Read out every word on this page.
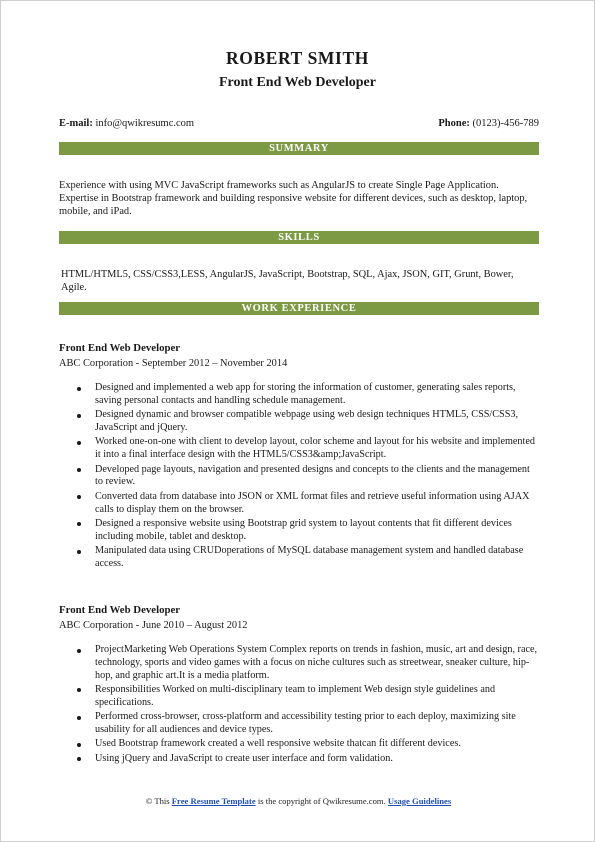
ROBERT SMITH
Front End Web Developer
E-mail: info@qwikresumc.com	Phone: (0123)-456-789
SUMMARY
Experience with using MVC JavaScript frameworks such as AngularJS to create Single Page Application. Expertise in Bootstrap framework and building responsive website for different devices, such as desktop, laptop, mobile, and iPad.
SKILLS
HTML/HTML5, CSS/CSS3,LESS, AngularJS, JavaScript, Bootstrap, SQL, Ajax, JSON, GIT, Grunt, Bower, Agile.
WORK EXPERIENCE
Front End Web Developer
ABC Corporation - September 2012 – November 2014
Designed and implemented a web app for storing the information of customer, generating sales reports, saving personal contacts and handling schedule management.
Designed dynamic and browser compatible webpage using web design techniques HTML5, CSS/CSS3, JavaScript and jQuery.
Worked one-on-one with client to develop layout, color scheme and layout for his website and implemented it into a final interface design with the HTML5/CSS3&amp;JavaScript.
Developed page layouts, navigation and presented designs and concepts to the clients and the management to review.
Converted data from database into JSON or XML format files and retrieve useful information using AJAX calls to display them on the browser.
Designed a responsive website using Bootstrap grid system to layout contents that fit different devices including mobile, tablet and desktop.
Manipulated data using CRUDoperations of MySQL database management system and handled database access.
Front End Web Developer
ABC Corporation - June 2010 – August 2012
ProjectMarketing Web Operations System Complex reports on trends in fashion, music, art and design, race, technology, sports and video games with a focus on niche cultures such as streetwear, sneaker culture, hip-hop, and graphic art.It is a media platform.
Responsibilities Worked on multi-disciplinary team to implement Web design style guidelines and specifications.
Performed cross-browser, cross-platform and accessibility testing prior to each deploy, maximizing site usability for all audiences and device types.
Used Bootstrap framework created a well responsive website thatcan fit different devices.
Using jQuery and JavaScript to create user interface and form validation.
© This Free Resume Template is the copyright of Qwikresume.com. Usage Guidelines
